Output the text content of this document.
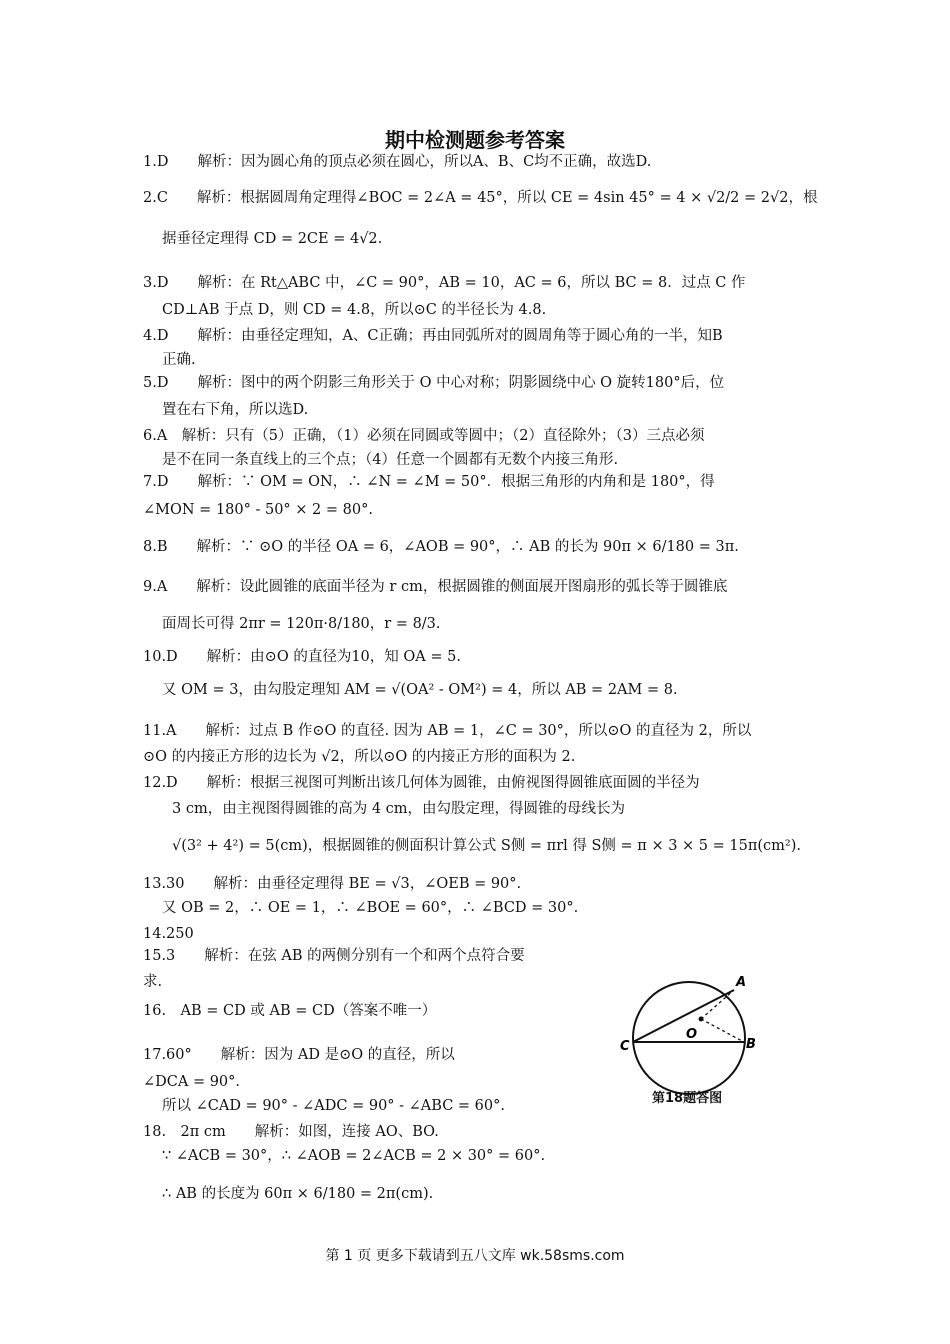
期中检测题参考答案
1.D　　解析：因为圆心角的顶点必须在圆心，所以A、B、C均不正确，故选D.
2.C　　解析：根据圆周角定理得∠BOC = 2∠A = 45°，所以 CE = 4sin 45° = 4 × √2/2 = 2√2，根
据垂径定理得 CD = 2CE = 4√2.
3.D　　解析：在 Rt△ABC 中，∠C = 90°，AB = 10，AC = 6，所以 BC = 8．过点 C 作
CD⊥AB 于点 D，则 CD = 4.8，所以⊙C 的半径长为 4.8.
4.D　　解析：由垂径定理知，A、C正确；再由同弧所对的圆周角等于圆心角的一半，知B
正确.
5.D　　解析：图中的两个阴影三角形关于 O 中心对称；阴影圆绕中心 O 旋转180°后，位
置在右下角，所以选D.
6.A　解析：只有（5）正确，（1）必须在同圆或等圆中；（2）直径除外；（3）三点必须
是不在同一条直线上的三个点；（4）任意一个圆都有无数个内接三角形.
7.D　　解析：∵ OM = ON，∴ ∠N = ∠M = 50°．根据三角形的内角和是 180°，得
∠MON = 180° - 50° × 2 = 80°.
8.B　　解析：∵ ⊙O 的半径 OA = 6，∠AOB = 90°，∴ AB 的长为 90π × 6/180 = 3π.
9.A　　解析：设此圆锥的底面半径为 r cm，根据圆锥的侧面展开图扇形的弧长等于圆锥底
面周长可得 2πr = 120π·8/180，r = 8/3.
10.D　　解析：由⊙O 的直径为10，知 OA = 5.
又 OM = 3，由勾股定理知 AM = √(OA² - OM²) = 4，所以 AB = 2AM = 8.
11.A　　解析：过点 B 作⊙O 的直径. 因为 AB = 1，∠C = 30°，所以⊙O 的直径为 2，所以
⊙O 的内接正方形的边长为 √2，所以⊙O 的内接正方形的面积为 2.
12.D　　解析：根据三视图可判断出该几何体为圆锥，由俯视图得圆锥底面圆的半径为
3 cm，由主视图得圆锥的高为 4 cm，由勾股定理，得圆锥的母线长为
√(3² + 4²) = 5(cm)，根据圆锥的侧面积计算公式 S侧 = πrl 得 S侧 = π × 3 × 5 = 15π(cm²).
13.30　　解析：由垂径定理得 BE = √3，∠OEB = 90°.
又 OB = 2，∴ OE = 1，∴ ∠BOE = 60°，∴ ∠BCD = 30°.
14.250
15.3　　解析：在弦 AB 的两侧分别有一个和两个点符合要
求.
16.　AB = CD 或 AB = CD（答案不唯一）
17.60°　　解析：因为 AD 是⊙O 的直径，所以
∠DCA = 90°.
所以 ∠CAD = 90° - ∠ADC = 90° - ∠ABC = 60°.
18.　2π cm　　解析：如图，连接 AO、BO.
∵ ∠ACB = 30°，∴ ∠AOB = 2∠ACB = 2 × 30° = 60°.
∴ AB 的长度为 60π × 6/180 = 2π(cm).
A
B
C
O
第18题答图
第 1 页 更多下载请到五八文库 wk.58sms.com
